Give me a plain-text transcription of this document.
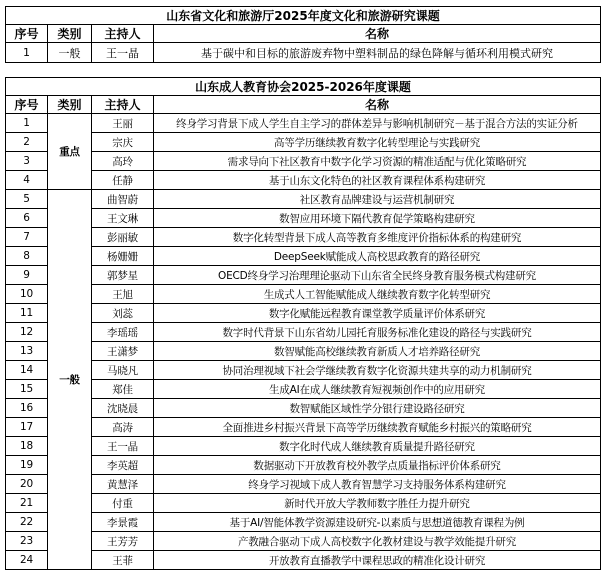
山东省文化和旅游厅2025年度文化和旅游研究课题			
序号	类别	主持人	名称
1	一般	王一晶	基于碳中和目标的旅游废弃物中塑料制品的绿色降解与循环利用模式研究
山东成人教育协会2025-2026年度课题			
序号	类别	主持人	名称
1	重点	王丽	终身学习背景下成人学生自主学习的群体差异与影响机制研究－基于混合方法的实证分析
2		宗庆	高等学历继续教育数字化转型理论与实践研究
3		高玲	需求导向下社区教育中数字化学习资源的精准适配与优化策略研究
4		任静	基于山东文化特色的社区教育课程体系构建研究
5	一般	曲智蔚	社区教育品牌建设与运营机制研究
6		王文琳	数智应用环境下隔代教育促学策略构建研究
7		彭丽敏	数字化转型背景下成人高等教育多维度评价指标体系的构建研究
8		杨姗姗	DeepSeek赋能成人高校思政教育的路径研究
9		郭梦星	OECD终身学习治理理论驱动下山东省全民终身教育服务模式构建研究
10		王旭	生成式人工智能赋能成人继续教育数字化转型研究
11		刘蕊	数字化赋能远程教育课堂教学质量评价体系研究
12		李瑶瑶	数字时代背景下山东省幼儿园托育服务标准化建设的路径与实践研究
13		王潇梦	数智赋能高校继续教育新质人才培养路径研究
14		马晓凡	协同治理视域下社会学继续教育数字化资源共建共享的动力机制研究
15		郑佳	生成AI在成人继续教育短视频创作中的应用研究
16		沈晓晨	数智赋能区域性学分银行建设路径研究
17		高涛	全面推进乡村振兴背景下高等学历继续教育赋能乡村振兴的策略研究
18		王一晶	数字化时代成人继续教育质量提升路径研究
19		李英超	数据驱动下开放教育校外教学点质量指标评价体系研究
20		黄慧泽	终身学习视域下成人教育智慧学习支持服务体系构建研究
21		付重	新时代开放大学教师数字胜任力提升研究
22		李景霞	基于AI/智能体教学资源建设研究-以素质与思想道德教育课程为例
23		王芳芳	产教融合驱动下成人高校数字化教材建设与教学效能提升研究
24		王菲	开放教育直播教学中课程思政的精准化设计研究
